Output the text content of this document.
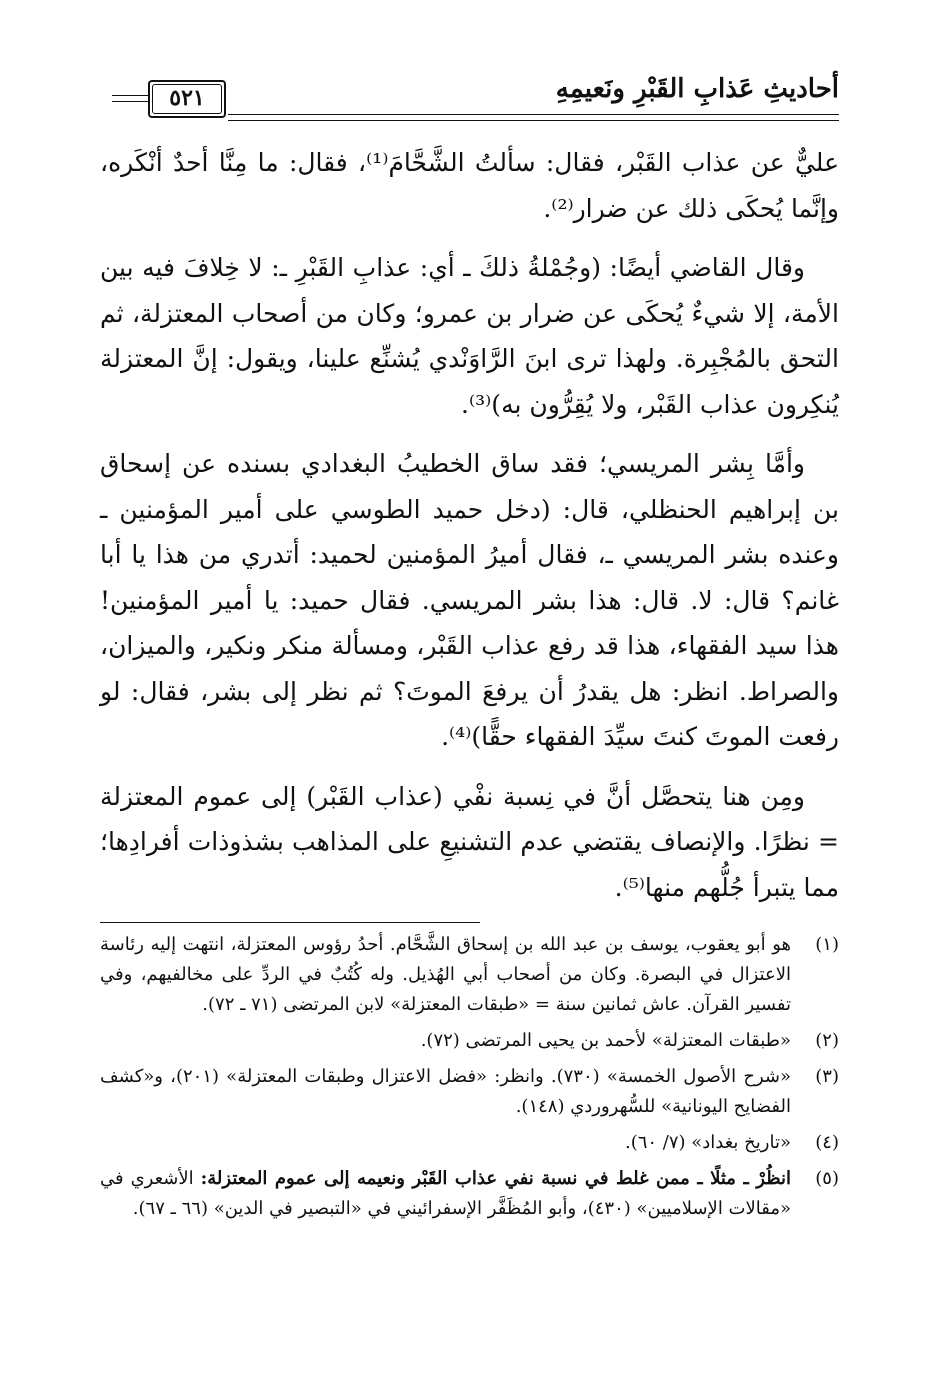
أحاديثِ عَذابِ القَبْرِ ونَعيمِهِ
٥٢١

عليٌّ عن عذاب القَبْر، فقال: سألتُ الشَّحَّامَ⁽¹⁾، فقال: ما مِنَّا أحدٌ أنْكَره، وإنَّما يُحكَى ذلك عن ضرار⁽²⁾.

وقال القاضي أيضًا: (وجُمْلةُ ذلكَ ـ أي: عذابِ القَبْرِ ـ: لا خِلافَ فيه بين الأمة، إلا شيءٌ يُحكَى عن ضرار بن عمرو؛ وكان من أصحاب المعتزلة، ثم التحق بالمُجْبِرة. ولهذا ترى ابنَ الرَّاوَنْدي يُشنِّع علينا، ويقول: إنَّ المعتزلة يُنكِرون عذاب القَبْر، ولا يُقِرُّون به)⁽³⁾.

وأمَّا بِشر المريسي؛ فقد ساق الخطيبُ البغدادي بسنده عن إسحاق بن إبراهيم الحنظلي، قال: (دخل حميد الطوسي على أمير المؤمنين ـ وعنده بشر المريسي ـ، فقال أميرُ المؤمنين لحميد: أتدري من هذا يا أبا غانم؟ قال: لا. قال: هذا بشر المريسي. فقال حميد: يا أمير المؤمنين! هذا سيد الفقهاء، هذا قد رفع عذاب القَبْر، ومسألة منكر ونكير، والميزان، والصراط. انظر: هل يقدرُ أن يرفعَ الموتَ؟ ثم نظر إلى بشر، فقال: لو رفعت الموتَ كنتَ سيِّدَ الفقهاء حقًّا)⁽⁴⁾.

ومِن هنا يتحصَّل أنَّ في نِسبة نفْي (عذاب القَبْر) إلى عموم المعتزلة = نظرًا. والإنصاف يقتضي عدم التشنيعِ على المذاهب بشذوذات أفرادِها؛ مما يتبرأ جُلُّهم منها⁽⁵⁾.

(١)
هو أبو يعقوب، يوسف بن عبد الله بن إسحاق الشَّحَّام. أحدُ رؤوس المعتزلة، انتهت إليه رئاسة الاعتزال في البصرة. وكان من أصحاب أبي الهُذيل. وله كُتُبٌ في الردِّ على مخالفيهم، وفي تفسير القرآن. عاش ثمانين سنة = «طبقات المعتزلة» لابن المرتضى (٧١ ـ ٧٢).
(٢)
«طبقات المعتزلة» لأحمد بن يحيى المرتضى (٧٢).
(٣)
«شرح الأصول الخمسة» (٧٣٠). وانظر: «فضل الاعتزال وطبقات المعتزلة» (٢٠١)، و«كشف الفضايح اليونانية» للسُّهروردي (١٤٨).
(٤)
«تاريخ بغداد» (٧/ ٦٠).
(٥)
انظُرْ ـ مثلًا ـ ممن غلط في نسبة نفي عذاب القَبْر ونعيمه إلى عموم المعتزلة: الأشعري في «مقالات الإسلاميين» (٤٣٠)، وأبو المُظَفَّر الإسفرائيني في «التبصير في الدين» (٦٦ ـ ٦٧).
